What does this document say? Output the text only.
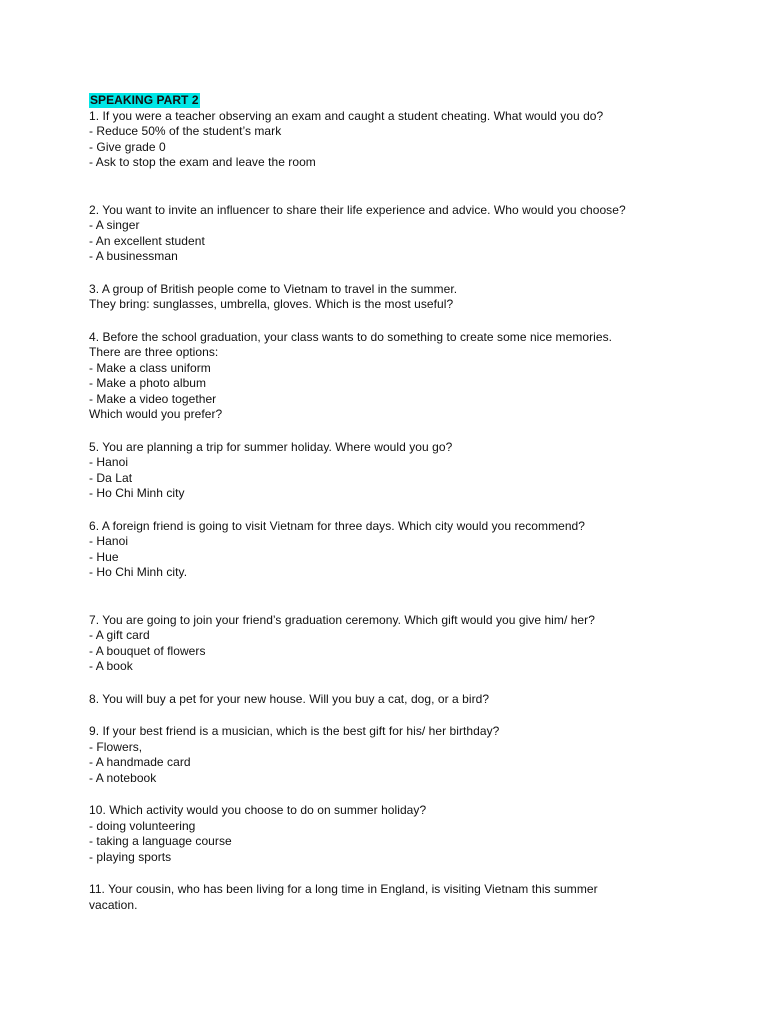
SPEAKING PART 2
1. If you were a teacher observing an exam and caught a student cheating. What would you do?
- Reduce 50% of the student’s mark
- Give grade 0
- Ask to stop the exam and leave the room
2. You want to invite an influencer to share their life experience and advice. Who would you choose?
- A singer
- An excellent student
- A businessman
3. A group of British people come to Vietnam to travel in the summer.
They bring: sunglasses, umbrella, gloves. Which is the most useful?
4. Before the school graduation, your class wants to do something to create some nice memories.
There are three options:
- Make a class uniform
- Make a photo album
- Make a video together
Which would you prefer?
5. You are planning a trip for summer holiday. Where would you go?
- Hanoi
- Da Lat
- Ho Chi Minh city
6. A foreign friend is going to visit Vietnam for three days. Which city would you recommend?
- Hanoi
- Hue
- Ho Chi Minh city.
7. You are going to join your friend’s graduation ceremony. Which gift would you give him/ her?
- A gift card
- A bouquet of flowers
- A book
8. You will buy a pet for your new house. Will you buy a cat, dog, or a bird?
9. If your best friend is a musician, which is the best gift for his/ her birthday?
- Flowers,
- A handmade card
- A notebook
10. Which activity would you choose to do on summer holiday?
- doing volunteering
- taking a language course
- playing sports
11. Your cousin, who has been living for a long time in England, is visiting Vietnam this summer
vacation.
